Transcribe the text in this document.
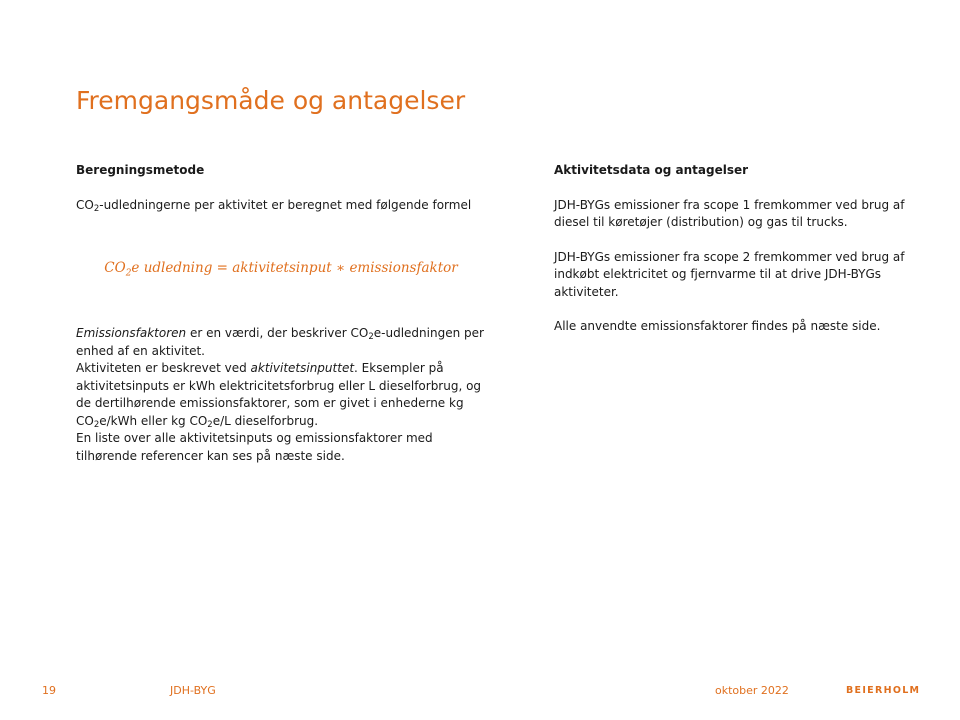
Fremgangsmåde og antagelser
Beregningsmetode

$CO_2$-udledningerne per aktivitet er beregnet med følgende formel

$CO_2e$ udledning = aktivitetsinput ∗ emissionsfaktor

Emissionsfaktoren er en værdi, der beskriver $CO_2e$-udledningen per enhed af en aktivitet.

Aktiviteten er beskrevet ved aktivitetsinputtet. Eksempler på aktivitetsinputs er kWh elektricitetsforbrug eller L dieselforbrug, og de dertilhørende emissionsfaktorer, som er givet i enhederne kg $CO_2e$/kWh eller kg $CO_2e/L$ dieselforbrug.

En liste over alle aktivitetsinputs og emissionsfaktorer med tilhørende referencer kan ses på næste side.

Aktivitetsdata og antagelser

JDH-BYGs emissioner fra scope 1 fremkommer ved brug af diesel til køretøjer (distribution) og gas til trucks.

JDH-BYGs emissioner fra scope 2 fremkommer ved brug af indkøbt elektricitet og fjernvarme til at drive JDH-BYGs aktiviteter.

Alle anvendte emissionsfaktorer findes på næste side.

19	JDH-BYG	oktober 2022	BEIERHOLM
